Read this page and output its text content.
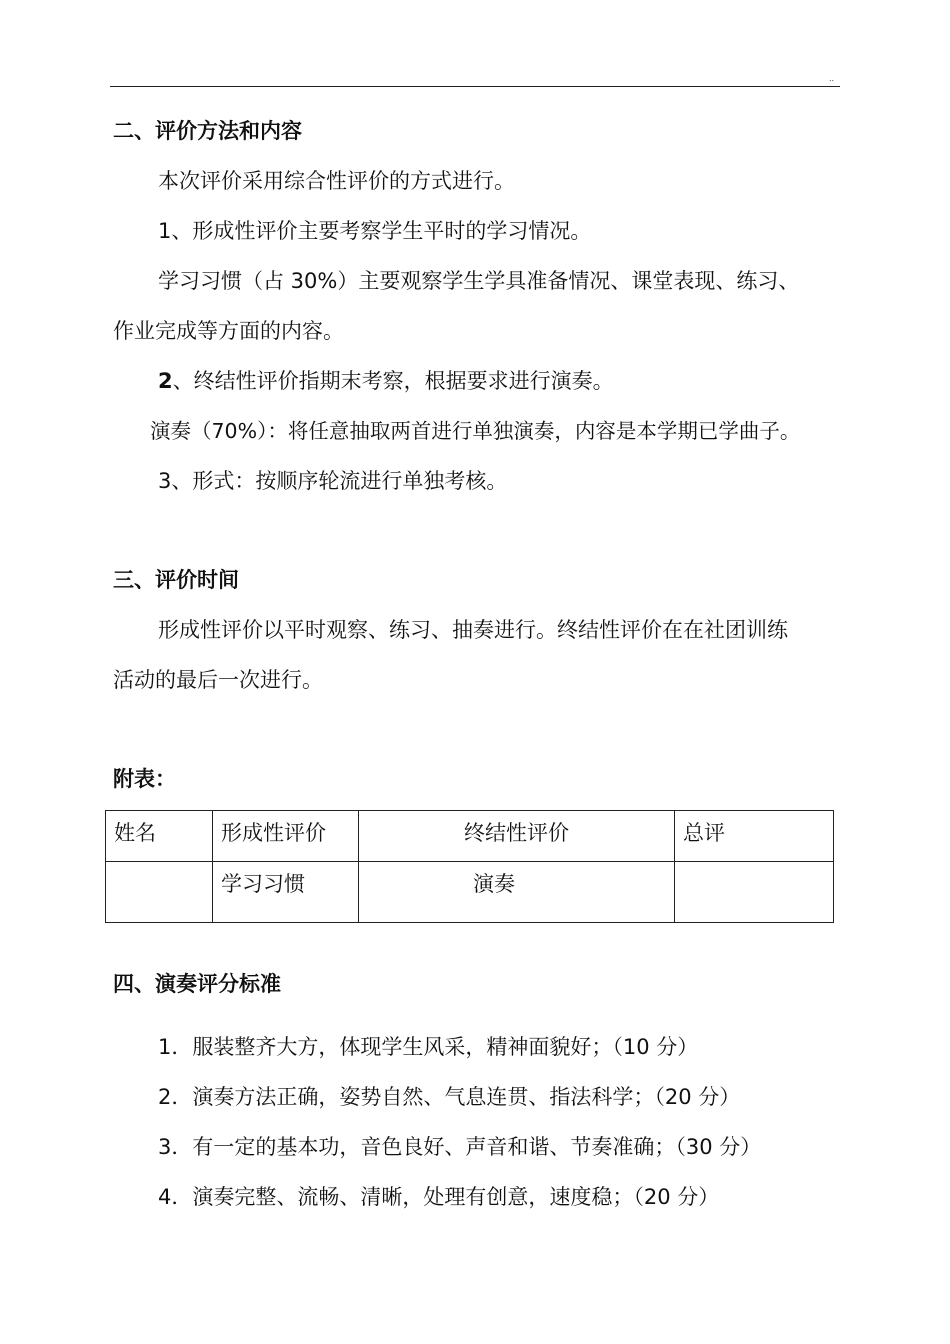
..
二、评价方法和内容
本次评价采用综合性评价的方式进行。
1、形成性评价主要考察学生平时的学习情况。
学习习惯（占 30%）主要观察学生学具准备情况、课堂表现、练习、
作业完成等方面的内容。
2、终结性评价指期末考察，根据要求进行演奏。
演奏（70%）：将任意抽取两首进行单独演奏，内容是本学期已学曲子。
3、形式：按顺序轮流进行单独考核。
三、评价时间
形成性评价以平时观察、练习、抽奏进行。终结性评价在在社团训练
活动的最后一次进行。
附表：
姓名	形成性评价	终结性评价	总评
	学习习惯	演奏	
四、演奏评分标准
1．服装整齐大方，体现学生风采，精神面貌好；（10 分）
2．演奏方法正确，姿势自然、气息连贯、指法科学；（20 分）
3．有一定的基本功，音色良好、声音和谐、节奏准确；（30 分）
4．演奏完整、流畅、清晰，处理有创意，速度稳；（20 分）
